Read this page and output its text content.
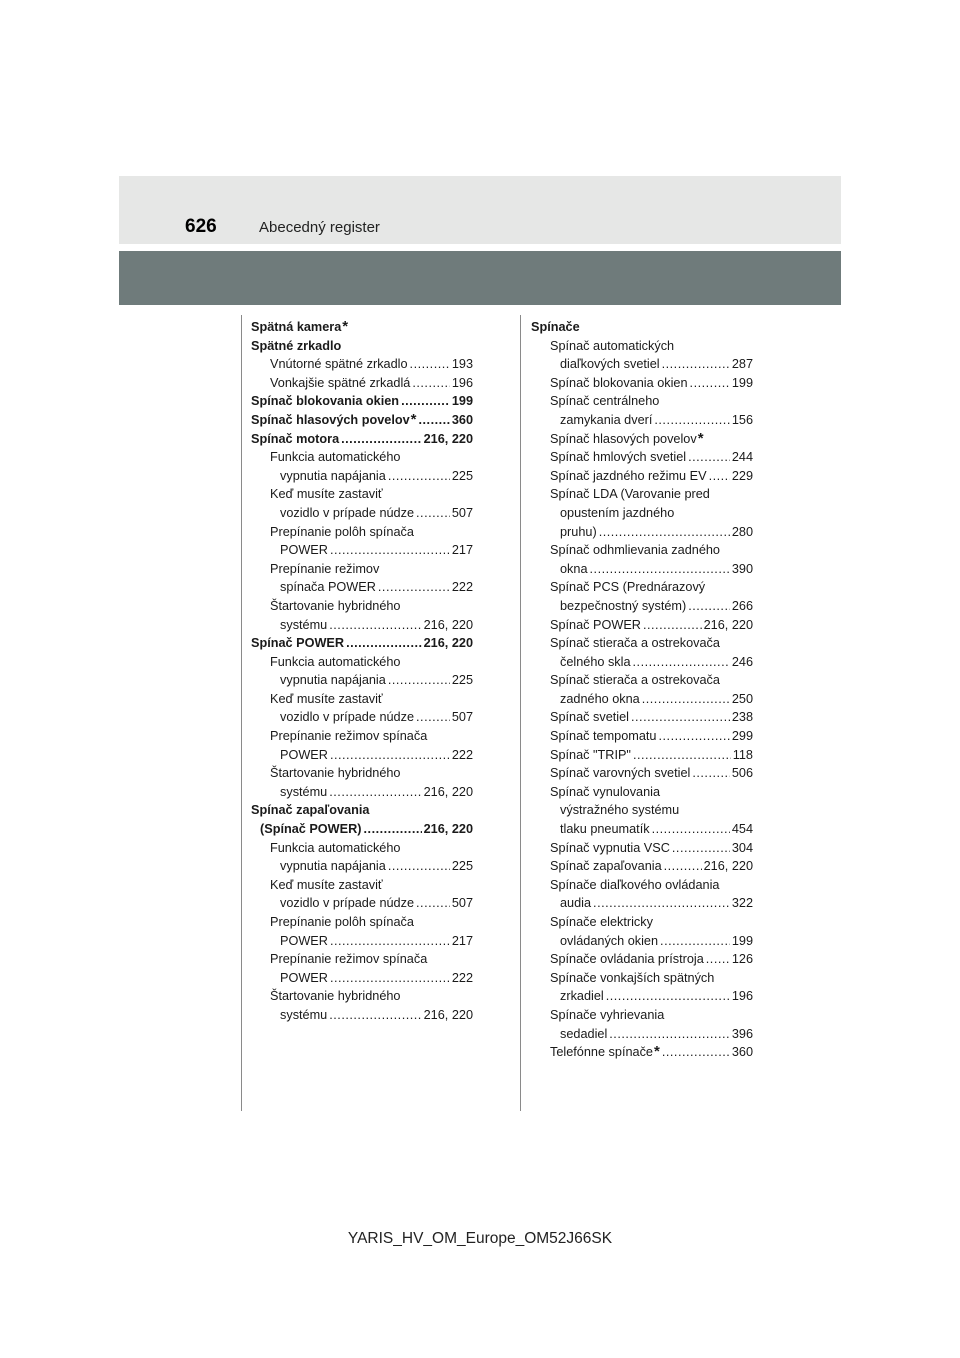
626	Abecedný register
Spätná kamera *
Spätné zrkadlo
Vnútorné spätné zrkadlo .....	193
Vonkajšie spätné zrkadlá .....	196
Spínač blokovania okien .....	199
Spínač hlasových povelov * .....	360
Spínač motora .....	216, 220
Funkcia automatického
vypnutia napájania .....	225
Keď musíte zastaviť
vozidlo v prípade núdze .....	507
Prepínanie polôh spínača
POWER .....	217
Prepínanie režimov
spínača POWER .....	222
Štartovanie hybridného
systému .....	216, 220
Spínač POWER .....	216, 220
Funkcia automatického
vypnutia napájania .....	225
Keď musíte zastaviť
vozidlo v prípade núdze .....	507
Prepínanie režimov spínača
POWER .....	222
Štartovanie hybridného
systému .....	216, 220
Spínač zapaľovania
(Spínač POWER) .....	216, 220
Funkcia automatického
vypnutia napájania .....	225
Keď musíte zastaviť
vozidlo v prípade núdze .....	507
Prepínanie polôh spínača
POWER .....	217
Prepínanie režimov spínača
POWER .....	222
Štartovanie hybridného
systému .....	216, 220
Spínače
Spínač automatických
diaľkových svetiel .....	287
Spínač blokovania okien .....	199
Spínač centrálneho
zamykania dverí .....	156
Spínač hlasových povelov *
Spínač hmlových svetiel .....	244
Spínač jazdného režimu EV ..... 229
Spínač LDA (Varovanie pred
opustením jazdného
pruhu) .....	280
Spínač odhmlievania zadného
okna .....	390
Spínač PCS (Prednárazový
bezpečnostný systém) .....	266
Spínač POWER .....	216, 220
Spínač stierača a ostrekovača
čelného skla .....	246
Spínač stierača a ostrekovača
zadného okna .....	250
Spínač svetiel .....	238
Spínač tempomatu .....	299
Spínač "TRIP" .....	118
Spínač varovných svetiel .....	506
Spínač vynulovania
výstražného systému
tlaku pneumatík .....	454
Spínač vypnutia VSC .....	304
Spínač zapaľovania .....	216, 220
Spínače diaľkového ovládania
audia .....	322
Spínače elektricky
ovládaných okien .....	199
Spínače ovládania prístroja ..... 126
Spínače vonkajších spätných
zrkadiel .....	196
Spínače vyhrievania
sedadiel .....	396
Telefónne spínače * .....	360
YARIS_HV_OM_Europe_OM52J66SK
